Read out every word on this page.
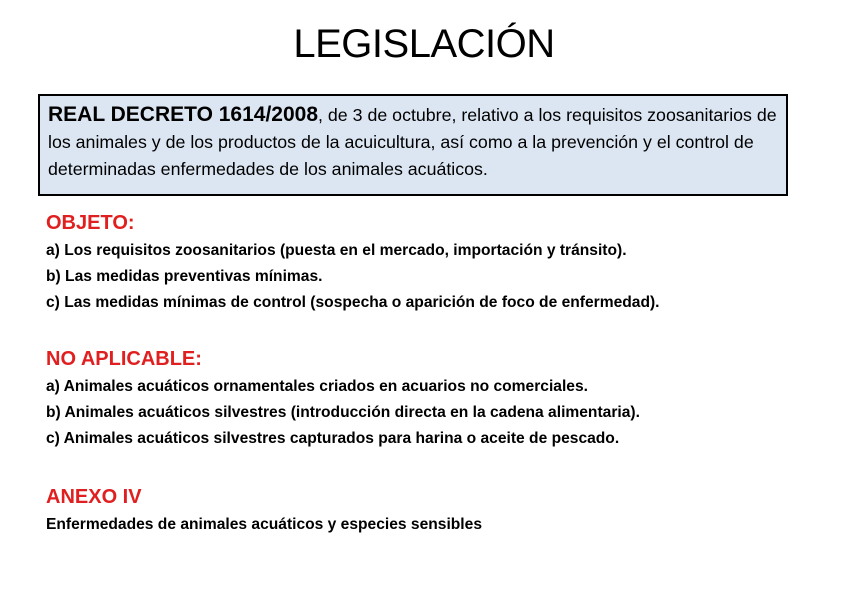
LEGISLACIÓN
REAL DECRETO 1614/2008, de 3 de octubre, relativo a los requisitos zoosanitarios de los animales y de los productos de la acuicultura, así como a la prevención y el control de determinadas enfermedades de los animales acuáticos.
OBJETO:
a) Los requisitos zoosanitarios (puesta en el mercado, importación y tránsito).
b) Las medidas preventivas mínimas.
c) Las medidas mínimas de control (sospecha o aparición de foco de enfermedad).
NO APLICABLE:
a) Animales acuáticos ornamentales criados en acuarios no comerciales.
b) Animales acuáticos silvestres (introducción directa en la cadena alimentaria).
c) Animales acuáticos silvestres capturados para harina o aceite de pescado.
ANEXO IV
Enfermedades de animales acuáticos y especies sensibles
